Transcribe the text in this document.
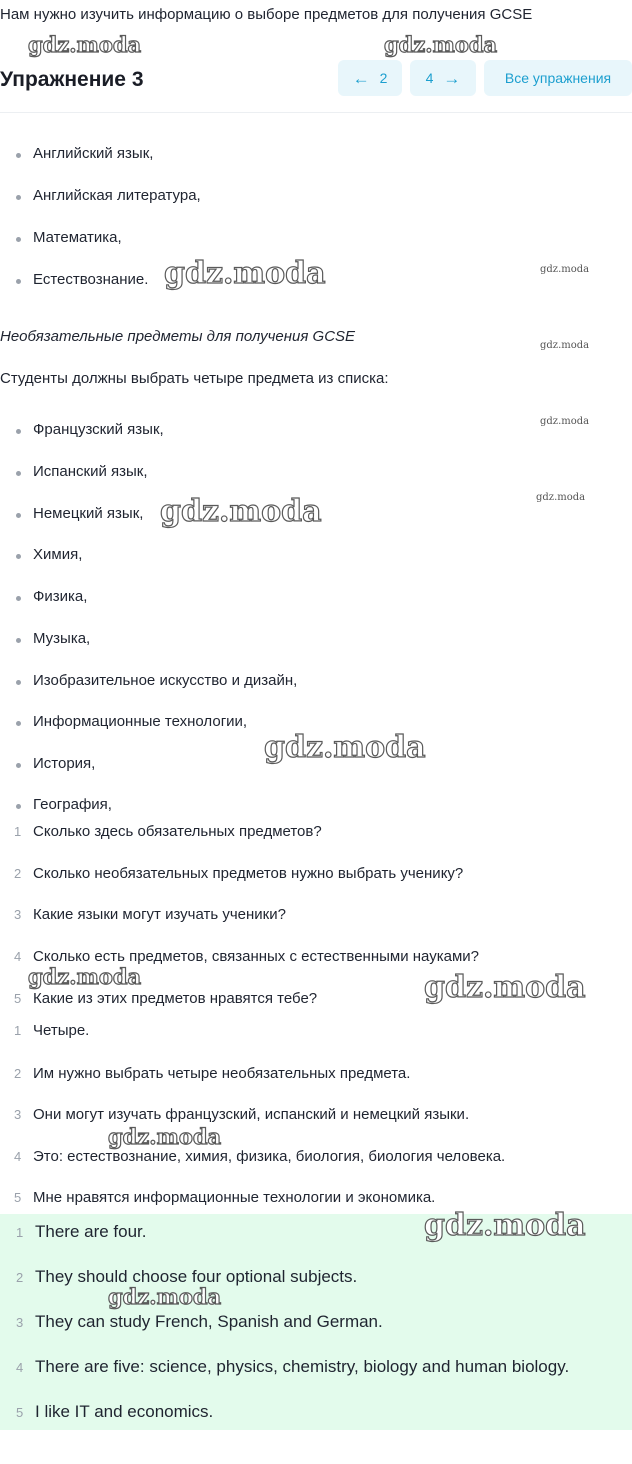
Нам нужно изучить информацию о выборе предметов для получения GCSE
Упражнение 3	← 2	4 →	Все упражнения
Английский язык,
Английская литература,
Математика,
Естествознание.
Необязательные предметы для получения GCSE
Студенты должны выбрать четыре предмета из списка:
Французский язык,
Испанский язык,
Немецкий язык,
Химия,
Физика,
Музыка,
Изобразительное искусство и дизайн,
Информационные технологии,
История,
География,
1 Сколько здесь обязательных предметов?
2 Сколько необязательных предметов нужно выбрать ученику?
3 Какие языки могут изучать ученики?
4 Сколько есть предметов, связанных с естественными науками?
5 Какие из этих предметов нравятся тебе?
1 Четыре.
2 Им нужно выбрать четыре необязательных предмета.
3 Они могут изучать французский, испанский и немецкий языки.
4 Это: естествознание, химия, физика, биология, биология человека.
5 Мне нравятся информационные технологии и экономика.
1 There are four.
2 They should choose four optional subjects.
3 They can study French, Spanish and German.
4 There are five: science, physics, chemistry, biology and human biology.
5 I like IT and economics.
gdz.moda	gdz.moda
gdz.moda	gdz.moda
gdz.moda
gdz.moda
gdz.moda
gdz.moda
gdz.moda
gdz.moda	gdz.moda
gdz.moda
gdz.moda
gdz.moda
